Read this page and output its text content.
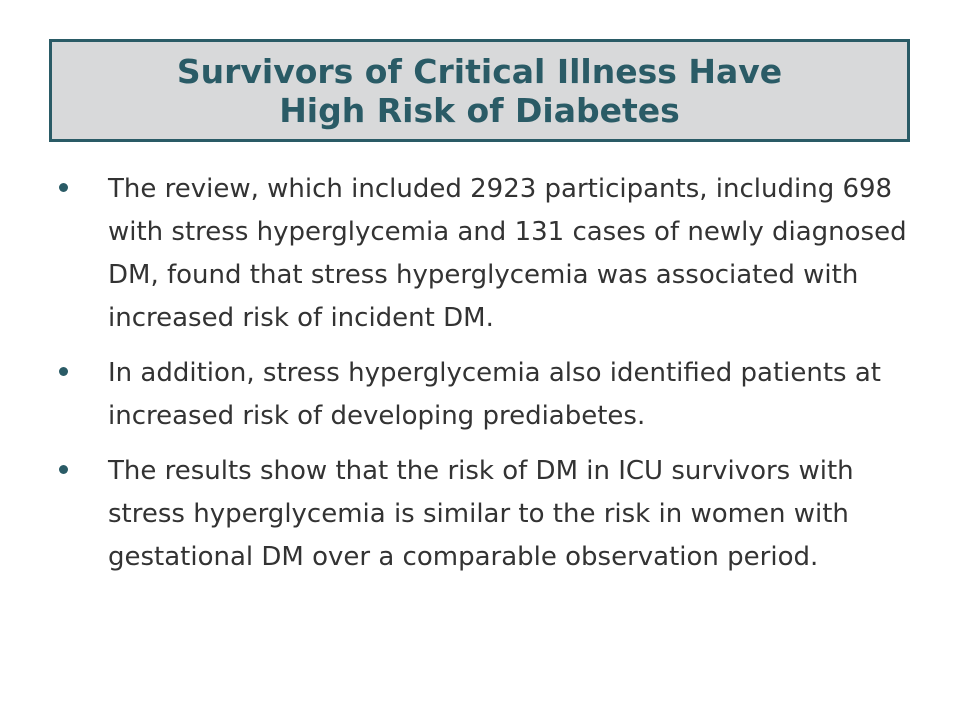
Survivors of Critical Illness Have
High Risk of Diabetes
The review, which included 2923 participants, including 698 with stress hyperglycemia and 131 cases of newly diagnosed DM, found that stress hyperglycemia was associated with increased risk of incident DM.
In addition, stress hyperglycemia also identified patients at increased risk of developing prediabetes.
The results show that the risk of DM in ICU survivors with stress hyperglycemia is similar to the risk in women with gestational DM over a comparable observation period.
